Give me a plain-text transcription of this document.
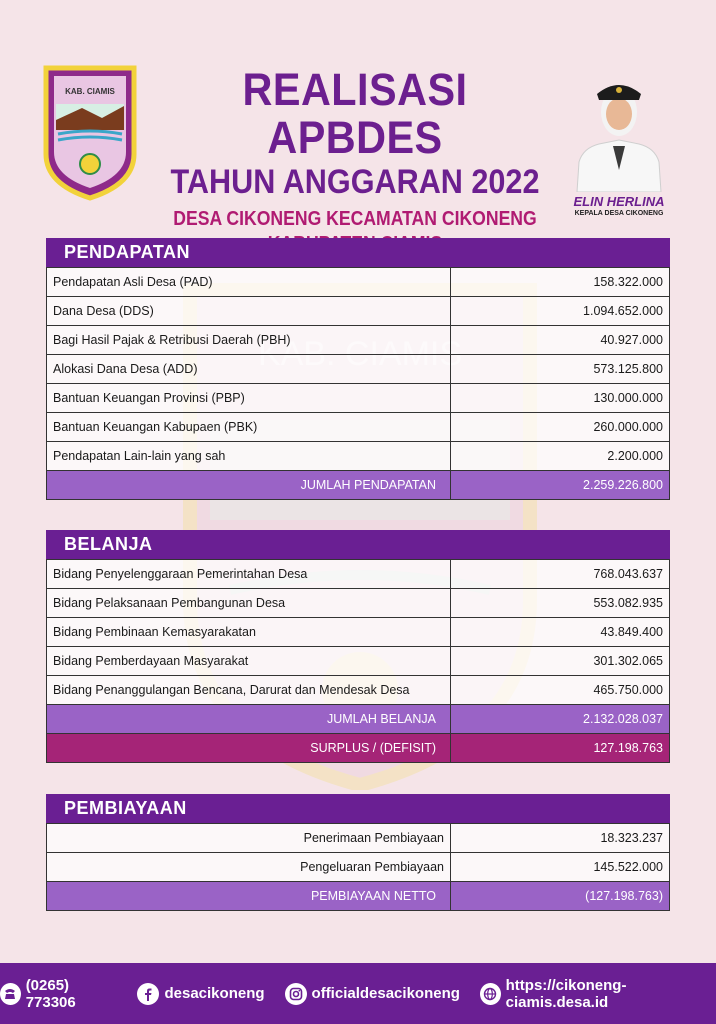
KAB. CIAMIS	REALISASI APBDES
TAHUN ANGGARAN 2022
DESA CIKONENG KECAMATAN CIKONENG
ELIN HERLINA
KEPALA DESA CIKONENG
PENDAPATAN
Pendapatan Asli Desa (PAD)	158.322.000
Dana Desa (DDS)	1.094.652.000
Bagi Hasil Pajak & Retribusi Daerah (PBH)	40.927.000
Alokasi Dana Desa (ADD)	573.125.800
Bantuan Keuangan Provinsi (PBP)	130.000.000
Bantuan Keuangan Kabupaen (PBK)	260.000.000
Pendapatan Lain-lain yang sah	2.200.000
JUMLAH PENDAPATAN	2.259.226.800
BELANJA
Bidang Penyelenggaraan Pemerintahan Desa	768.043.637
Bidang Pelaksanaan Pembangunan Desa	553.082.935
Bidang Pembinaan Kemasyarakatan	43.849.400
Bidang Pemberdayaan Masyarakat	301.302.065
Bidang Penanggulangan Bencana, Darurat dan Mendesak Desa	465.750.000
JUMLAH BELANJA	2.132.028.037
SURPLUS / (DEFISIT)	127.198.763
PEMBIAYAAN
Penerimaan Pembiayaan	18.323.237
Pengeluaran Pembiayaan	145.522.000
PEMBIAYAAN NETTO	(127.198.763)
(0265) 773306	desacikoneng	officialdesacikoneng	https://cikoneng-ciamis.desa.id
